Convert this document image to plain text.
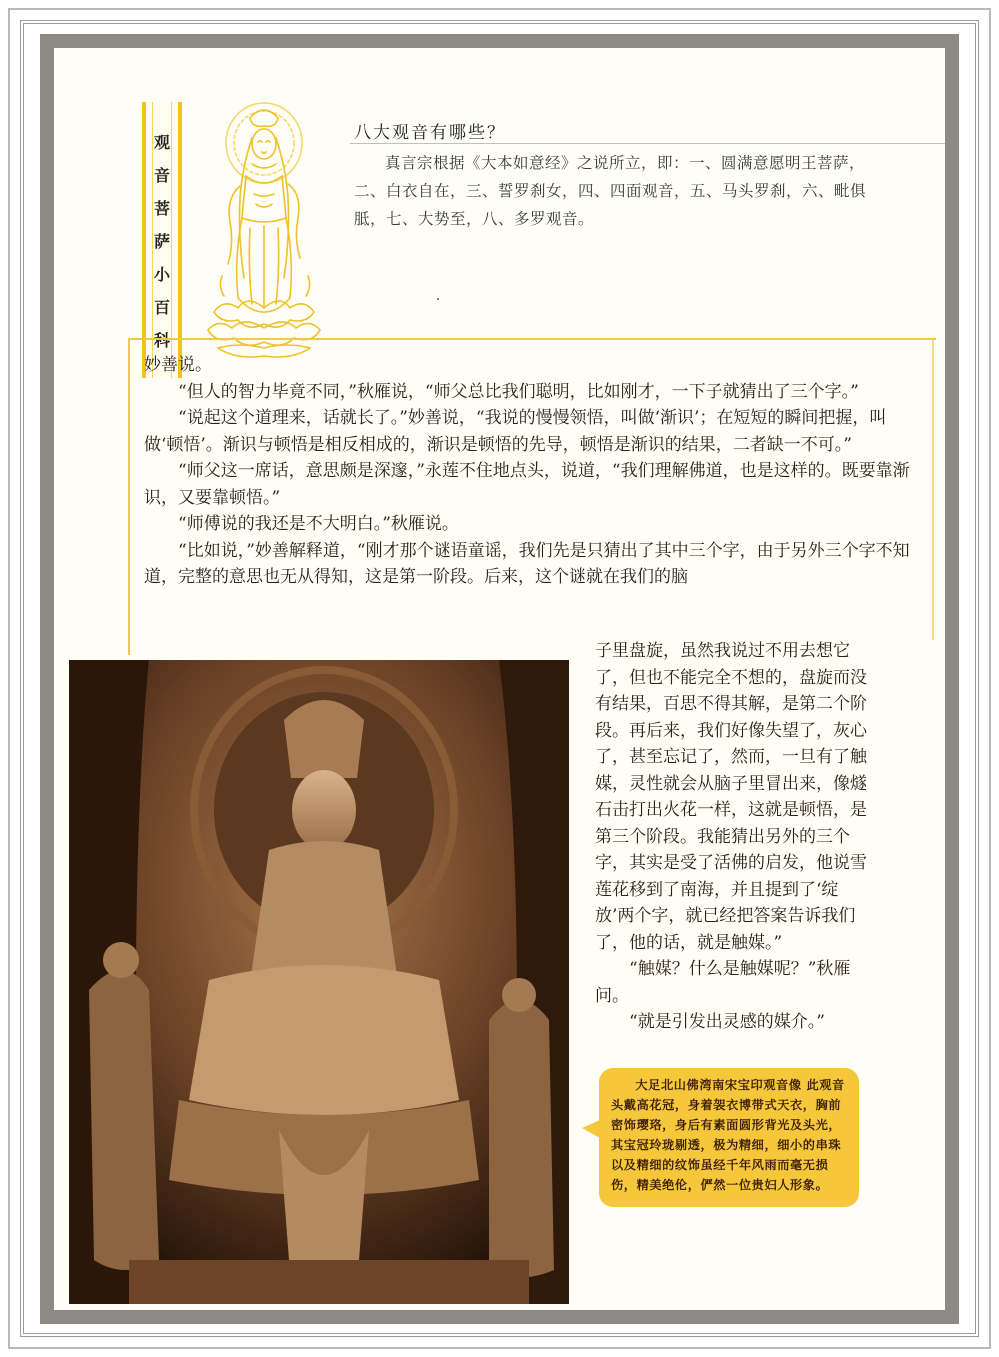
观
音
菩
萨
小
百
科
八大观音有哪些？
真言宗根据《大本如意经》之说所立，即：一、圆满意愿明王菩萨，二、白衣自在，三、誓罗刹女，四、四面观音，五、马头罗刹，六、毗俱胝，七、大势至，八、多罗观音。

妙善说。

“但人的智力毕竟不同，”秋雁说，“师父总比我们聪明，比如刚才，一下子就猜出了三个字。”

“说起这个道理来，话就长了。”妙善说，“我说的慢慢领悟，叫做‘渐识’；在短短的瞬间把握，叫做‘顿悟’。渐识与顿悟是相反相成的，渐识是顿悟的先导，顿悟是渐识的结果，二者缺一不可。”

“师父这一席话，意思颇是深邃，”永莲不住地点头，说道，“我们理解佛道，也是这样的。既要靠渐识，又要靠顿悟。”

“师傅说的我还是不大明白。”秋雁说。

“比如说，”妙善解释道，“刚才那个谜语童谣，我们先是只猜出了其中三个字，由于另外三个字不知道，完整的意思也无从得知，这是第一阶段。后来，这个谜就在我们的脑

子里盘旋，虽然我说过不用去想它了，但也不能完全不想的，盘旋而没有结果，百思不得其解，是第二个阶段。再后来，我们好像失望了，灰心了，甚至忘记了，然而，一旦有了触媒，灵性就会从脑子里冒出来，像燧石击打出火花一样，这就是顿悟，是第三个阶段。我能猜出另外的三个字，其实是受了活佛的启发，他说雪莲花移到了南海，并且提到了‘绽放’两个字，就已经把答案告诉我们了，他的话，就是触媒。”

“触媒？什么是触媒呢？”秋雁问。

“就是引发出灵感的媒介。”

大足北山佛湾南宋宝印观音像 此观音头戴高花冠，身着袈衣博带式天衣，胸前密饰璎珞，身后有素面圆形背光及头光，其宝冠玲珑剔透，极为精细，细小的串珠以及精细的纹饰虽经千年风雨而毫无损伤，精美绝伦，俨然一位贵妇人形象。
